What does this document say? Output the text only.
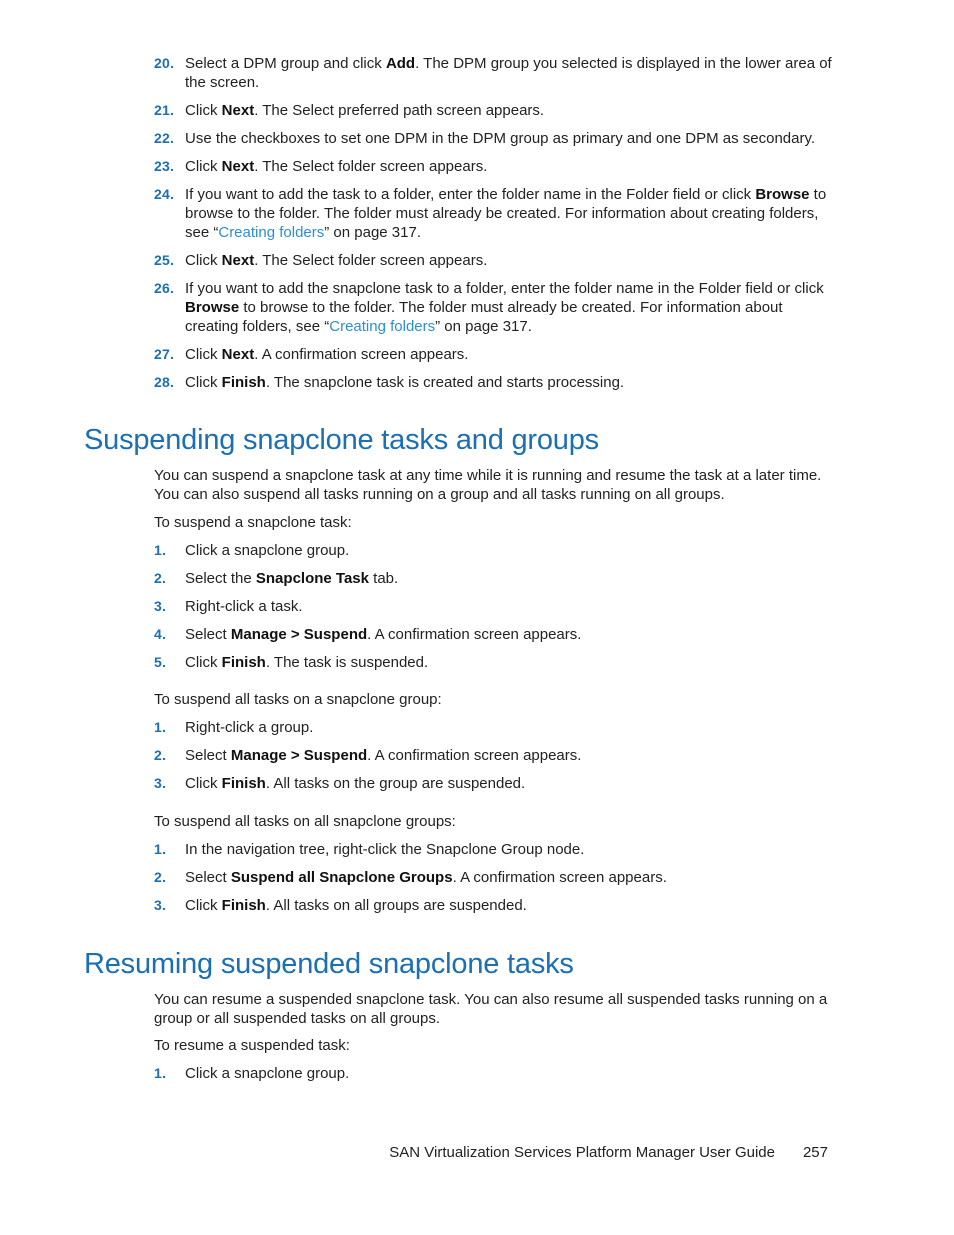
20. Select a DPM group and click Add. The DPM group you selected is displayed in the lower area of the screen.
21. Click Next. The Select preferred path screen appears.
22. Use the checkboxes to set one DPM in the DPM group as primary and one DPM as secondary.
23. Click Next. The Select folder screen appears.
24. If you want to add the task to a folder, enter the folder name in the Folder field or click Browse to browse to the folder. The folder must already be created. For information about creating folders, see “Creating folders” on page 317.
25. Click Next. The Select folder screen appears.
26. If you want to add the snapclone task to a folder, enter the folder name in the Folder field or click Browse to browse to the folder. The folder must already be created. For information about creating folders, see “Creating folders” on page 317.
27. Click Next. A confirmation screen appears.
28. Click Finish. The snapclone task is created and starts processing.
Suspending snapclone tasks and groups

You can suspend a snapclone task at any time while it is running and resume the task at a later time. You can also suspend all tasks running on a group and all tasks running on all groups.

To suspend a snapclone task:

1. Click a snapclone group.
2. Select the Snapclone Task tab.
3. Right-click a task.
4. Select Manage > Suspend. A confirmation screen appears.
5. Click Finish. The task is suspended.

To suspend all tasks on a snapclone group:

1. Right-click a group.
2. Select Manage > Suspend. A confirmation screen appears.
3. Click Finish. All tasks on the group are suspended.

To suspend all tasks on all snapclone groups:

1. In the navigation tree, right-click the Snapclone Group node.
2. Select Suspend all Snapclone Groups. A confirmation screen appears.
3. Click Finish. All tasks on all groups are suspended.
Resuming suspended snapclone tasks

You can resume a suspended snapclone task. You can also resume all suspended tasks running on a group or all suspended tasks on all groups.

To resume a suspended task:

1. Click a snapclone group.
SAN Virtualization Services Platform Manager User Guide 257
